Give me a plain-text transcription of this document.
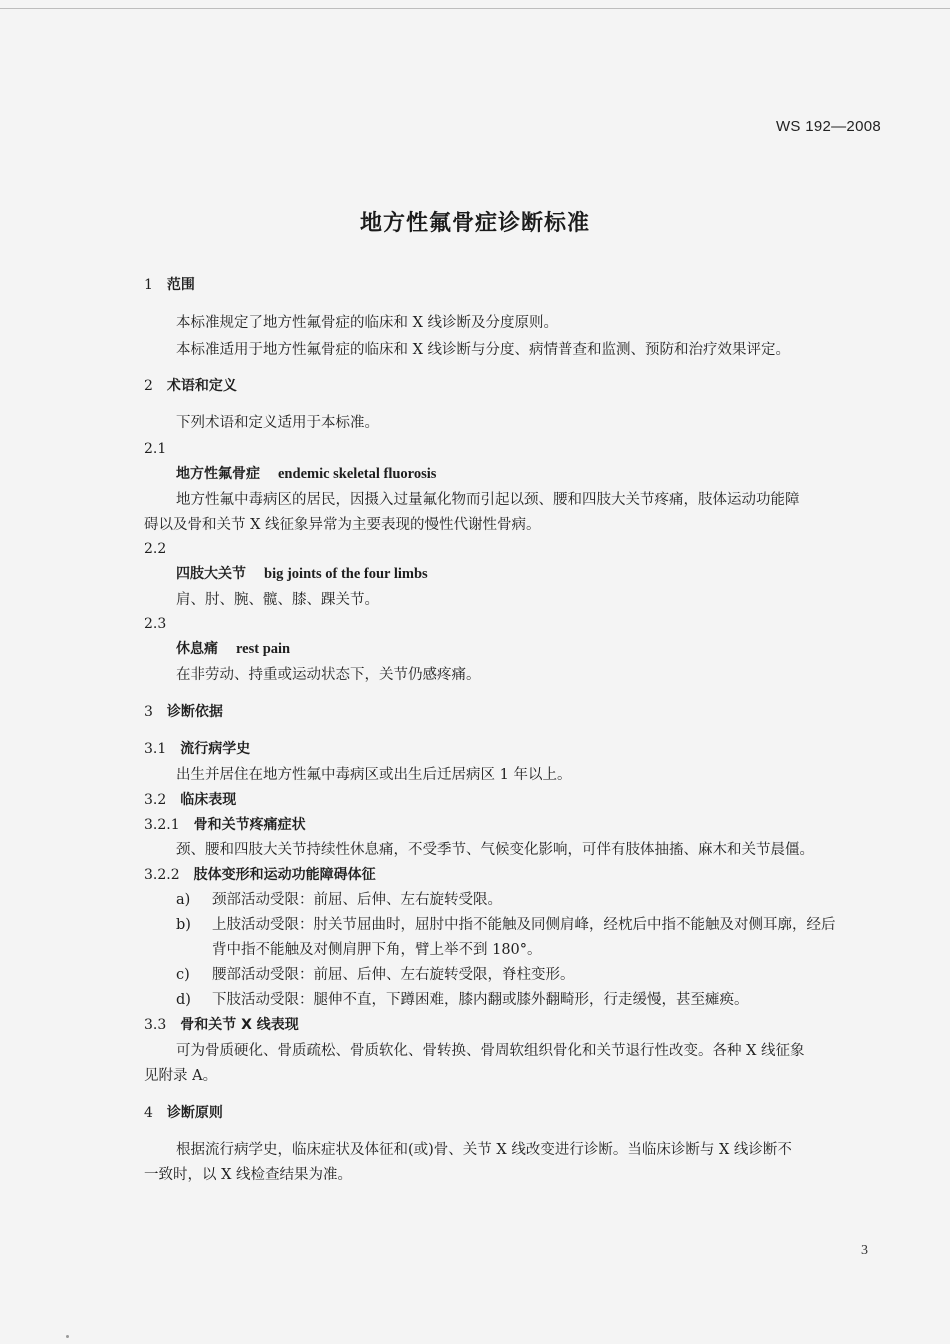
WS 192—2008
地方性氟骨症诊断标准
1 范围
本标准规定了地方性氟骨症的临床和 X 线诊断及分度原则。
本标准适用于地方性氟骨症的临床和 X 线诊断与分度、病情普查和监测、预防和治疗效果评定。
2 术语和定义
下列术语和定义适用于本标准。
2.1
地方性氟骨症 endemic skeletal fluorosis
地方性氟中毒病区的居民，因摄入过量氟化物而引起以颈、腰和四肢大关节疼痛，肢体运动功能障
碍以及骨和关节 X 线征象异常为主要表现的慢性代谢性骨病。
2.2
四肢大关节 big joints of the four limbs
肩、肘、腕、髋、膝、踝关节。
2.3
休息痛 rest pain
在非劳动、持重或运动状态下，关节仍感疼痛。
3 诊断依据
3.1 流行病学史
出生并居住在地方性氟中毒病区或出生后迁居病区 1 年以上。
3.2 临床表现
3.2.1 骨和关节疼痛症状
颈、腰和四肢大关节持续性休息痛，不受季节、气候变化影响，可伴有肢体抽搐、麻木和关节晨僵。
3.2.2 肢体变形和运动功能障碍体征
a) 颈部活动受限：前屈、后伸、左右旋转受限。
b) 上肢活动受限：肘关节屈曲时，屈肘中指不能触及同侧肩峰，经枕后中指不能触及对侧耳廓，经后
背中指不能触及对侧肩胛下角，臂上举不到 180°。
c) 腰部活动受限：前屈、后伸、左右旋转受限，脊柱变形。
d) 下肢活动受限：腿伸不直，下蹲困难，膝内翻或膝外翻畸形，行走缓慢，甚至瘫痪。
3.3 骨和关节 X 线表现
可为骨质硬化、骨质疏松、骨质软化、骨转换、骨周软组织骨化和关节退行性改变。各种 X 线征象
见附录 A。
4 诊断原则
根据流行病学史，临床症状及体征和(或)骨、关节 X 线改变进行诊断。当临床诊断与 X 线诊断不
一致时，以 X 线检查结果为准。
3
